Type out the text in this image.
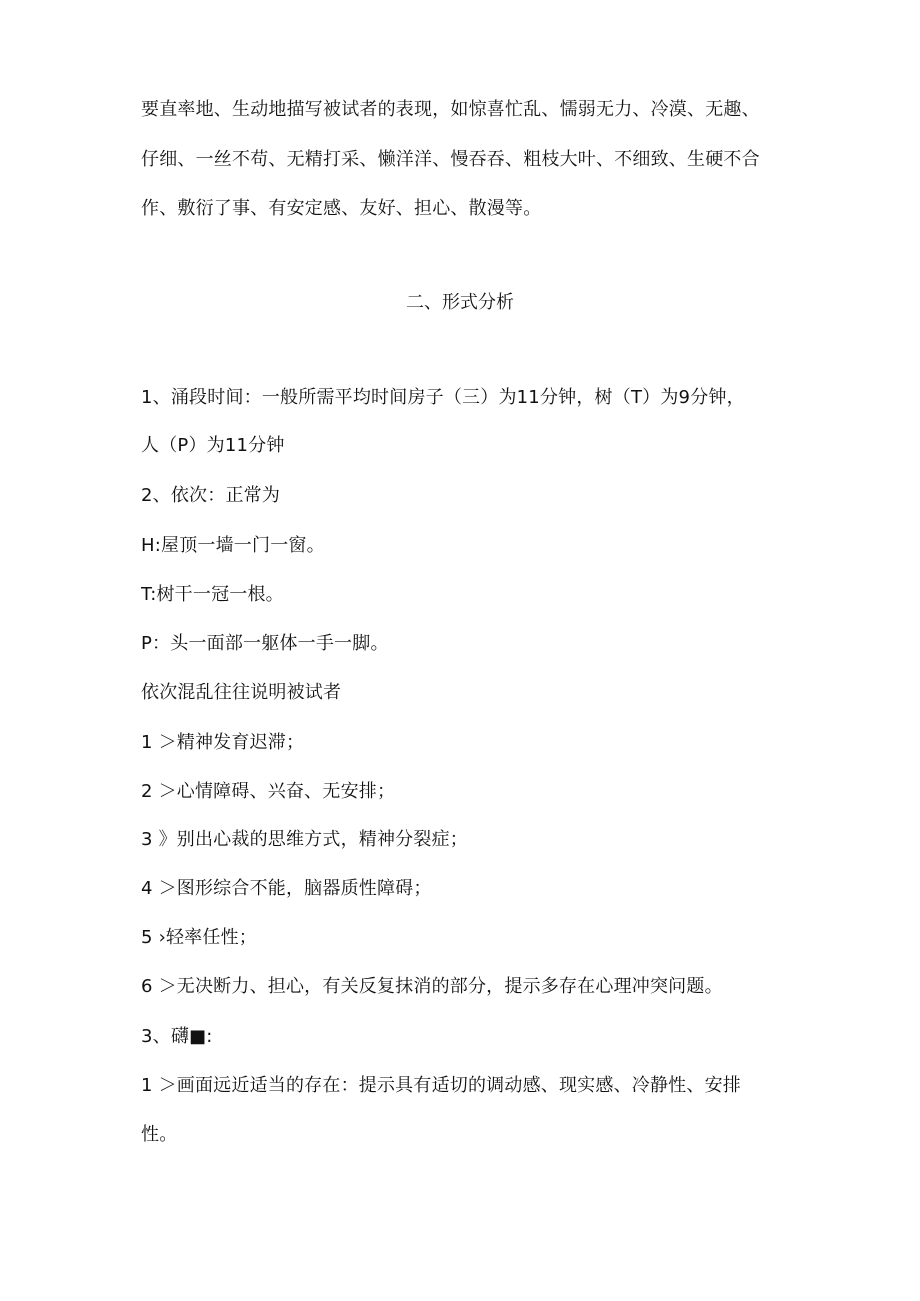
要直率地、生动地描写被试者的表现，如惊喜忙乱、懦弱无力、冷漠、无趣、
仔细、一丝不苟、无精打采、懒洋洋、慢吞吞、粗枝大叶、不细致、生硬不合
作、敷衍了事、有安定感、友好、担心、散漫等。
二、形式分析
1、涌段时间：一般所需平均时间房子（三）为11分钟，树（T）为9分钟，
人（P）为11分钟
2、依次：正常为
H:屋顶一墙一门一窗。
T:树干一冠一根。
P：头一面部一躯体一手一脚。
依次混乱往往说明被试者
1 ＞精神发育迟滞；
2 ＞心情障碍、兴奋、无安排；
3 》别出心裁的思维方式，精神分裂症；
4 ＞图形综合不能，脑器质性障碍；
5 ›轻率任性；
6 ＞无决断力、担心，有关反复抹消的部分，提示多存在心理冲突问题。
3、礴■:
1 ＞画面远近适当的存在：提示具有适切的调动感、现实感、冷静性、安排
性。
